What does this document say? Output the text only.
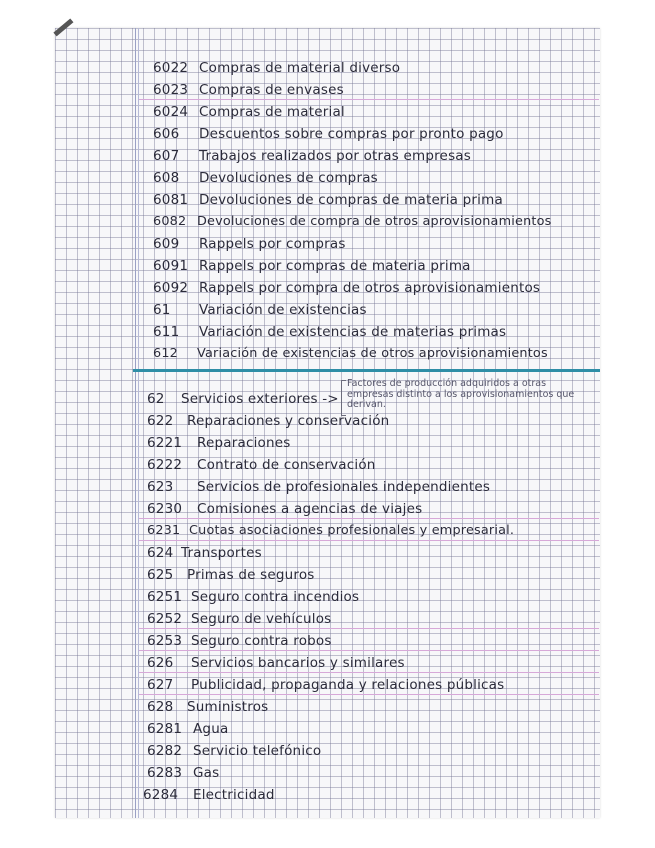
6022 Compras de material diverso
6023 Compras de envases
6024 Compras de material
606 Descuentos sobre compras por pronto pago
607 Trabajos realizados por otras empresas
608 Devoluciones de compras
6081 Devoluciones de compras de materia prima
6082 Devoluciones de compra de otros aprovisionamientos
609 Rappels por compras
6091 Rappels por compras de materia prima
6092 Rappels por compra de otros aprovisionamientos
61 Variación de existencias
611 Variación de existencias de materias primas
612 Variación de existencias de otros aprovisionamientos
62 Servicios exteriores ->
Factores de producción adquiridos a otras empresas distinto a los aprovisionamientos que derivan.
622 Reparaciones y conservación
6221 Reparaciones
6222 Contrato de conservación
623 Servicios de profesionales independientes
6230 Comisiones a agencias de viajes
6231 Cuotas asociaciones profesionales y empresarial.
624 Transportes
625 Primas de seguros
6251 Seguro contra incendios
6252 Seguro de vehículos
6253 Seguro contra robos
626 Servicios bancarios y similares
627 Publicidad, propaganda y relaciones públicas
628 Suministros
6281 Agua
6282 Servicio telefónico
6283 Gas
6284 Electricidad
